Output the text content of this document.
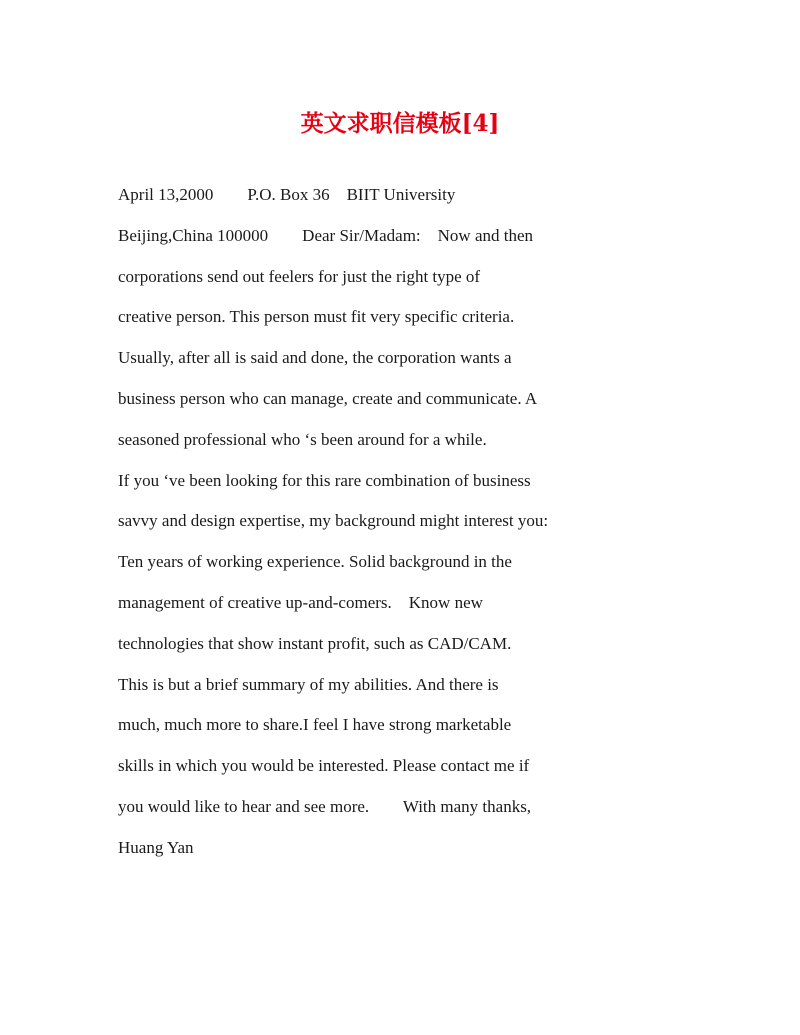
英文求职信模板[4]
April 13,2000        P.O. Box 36    BIIT University
Beijing,China 100000        Dear Sir/Madam:    Now and then
corporations send out feelers for just the right type of
creative person. This person must fit very specific criteria.
Usually, after all is said and done, the corporation wants a
business person who can manage, create and communicate. A
seasoned professional who ‘s been around for a while.
If you ‘ve been looking for this rare combination of business
savvy and design expertise, my background might interest you:
Ten years of working experience. Solid background in the
management of creative up-and-comers.    Know new
technologies that show instant profit, such as CAD/CAM.
This is but a brief summary of my abilities. And there is
much, much more to share.I feel I have strong marketable
skills in which you would be interested. Please contact me if
you would like to hear and see more.        With many thanks,
Huang Yan
